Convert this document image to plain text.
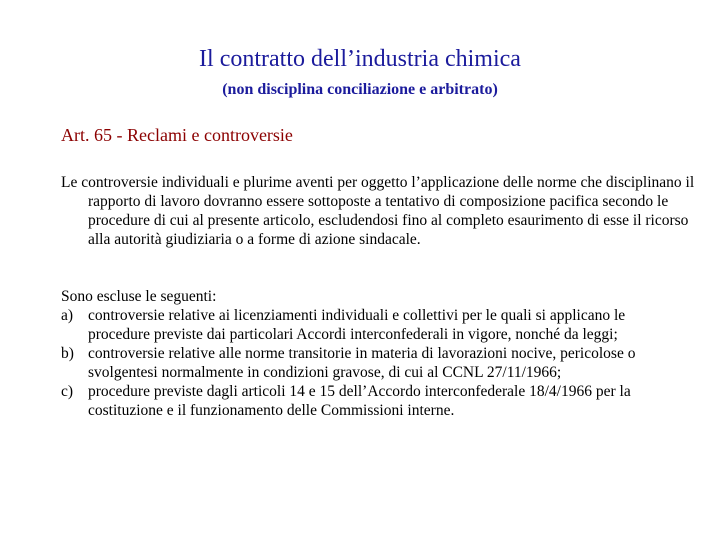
Il contratto dell’industria chimica
(non disciplina conciliazione e arbitrato)
Art. 65 - Reclami e controversie

Le controversie individuali e plurime aventi per oggetto l’applicazione delle norme che disciplinano il rapporto di lavoro dovranno essere sottoposte a tentativo di composizione pacifica secondo le procedure di cui al presente articolo, escludendosi fino al completo esaurimento di esse il ricorso alla autorità giudiziaria o a forme di azione sindacale.

Sono escluse le seguenti:
a) controversie relative ai licenziamenti individuali e collettivi per le quali si applicano le procedure previste dai particolari Accordi interconfederali in vigore, nonché da leggi;
b) controversie relative alle norme transitorie in materia di lavorazioni nocive, pericolose o svolgentesi normalmente in condizioni gravose, di cui al CCNL 27/11/1966;
c) procedure previste dagli articoli 14 e 15 dell’Accordo interconfederale 18/4/1966 per la costituzione e il funzionamento delle Commissioni interne.
